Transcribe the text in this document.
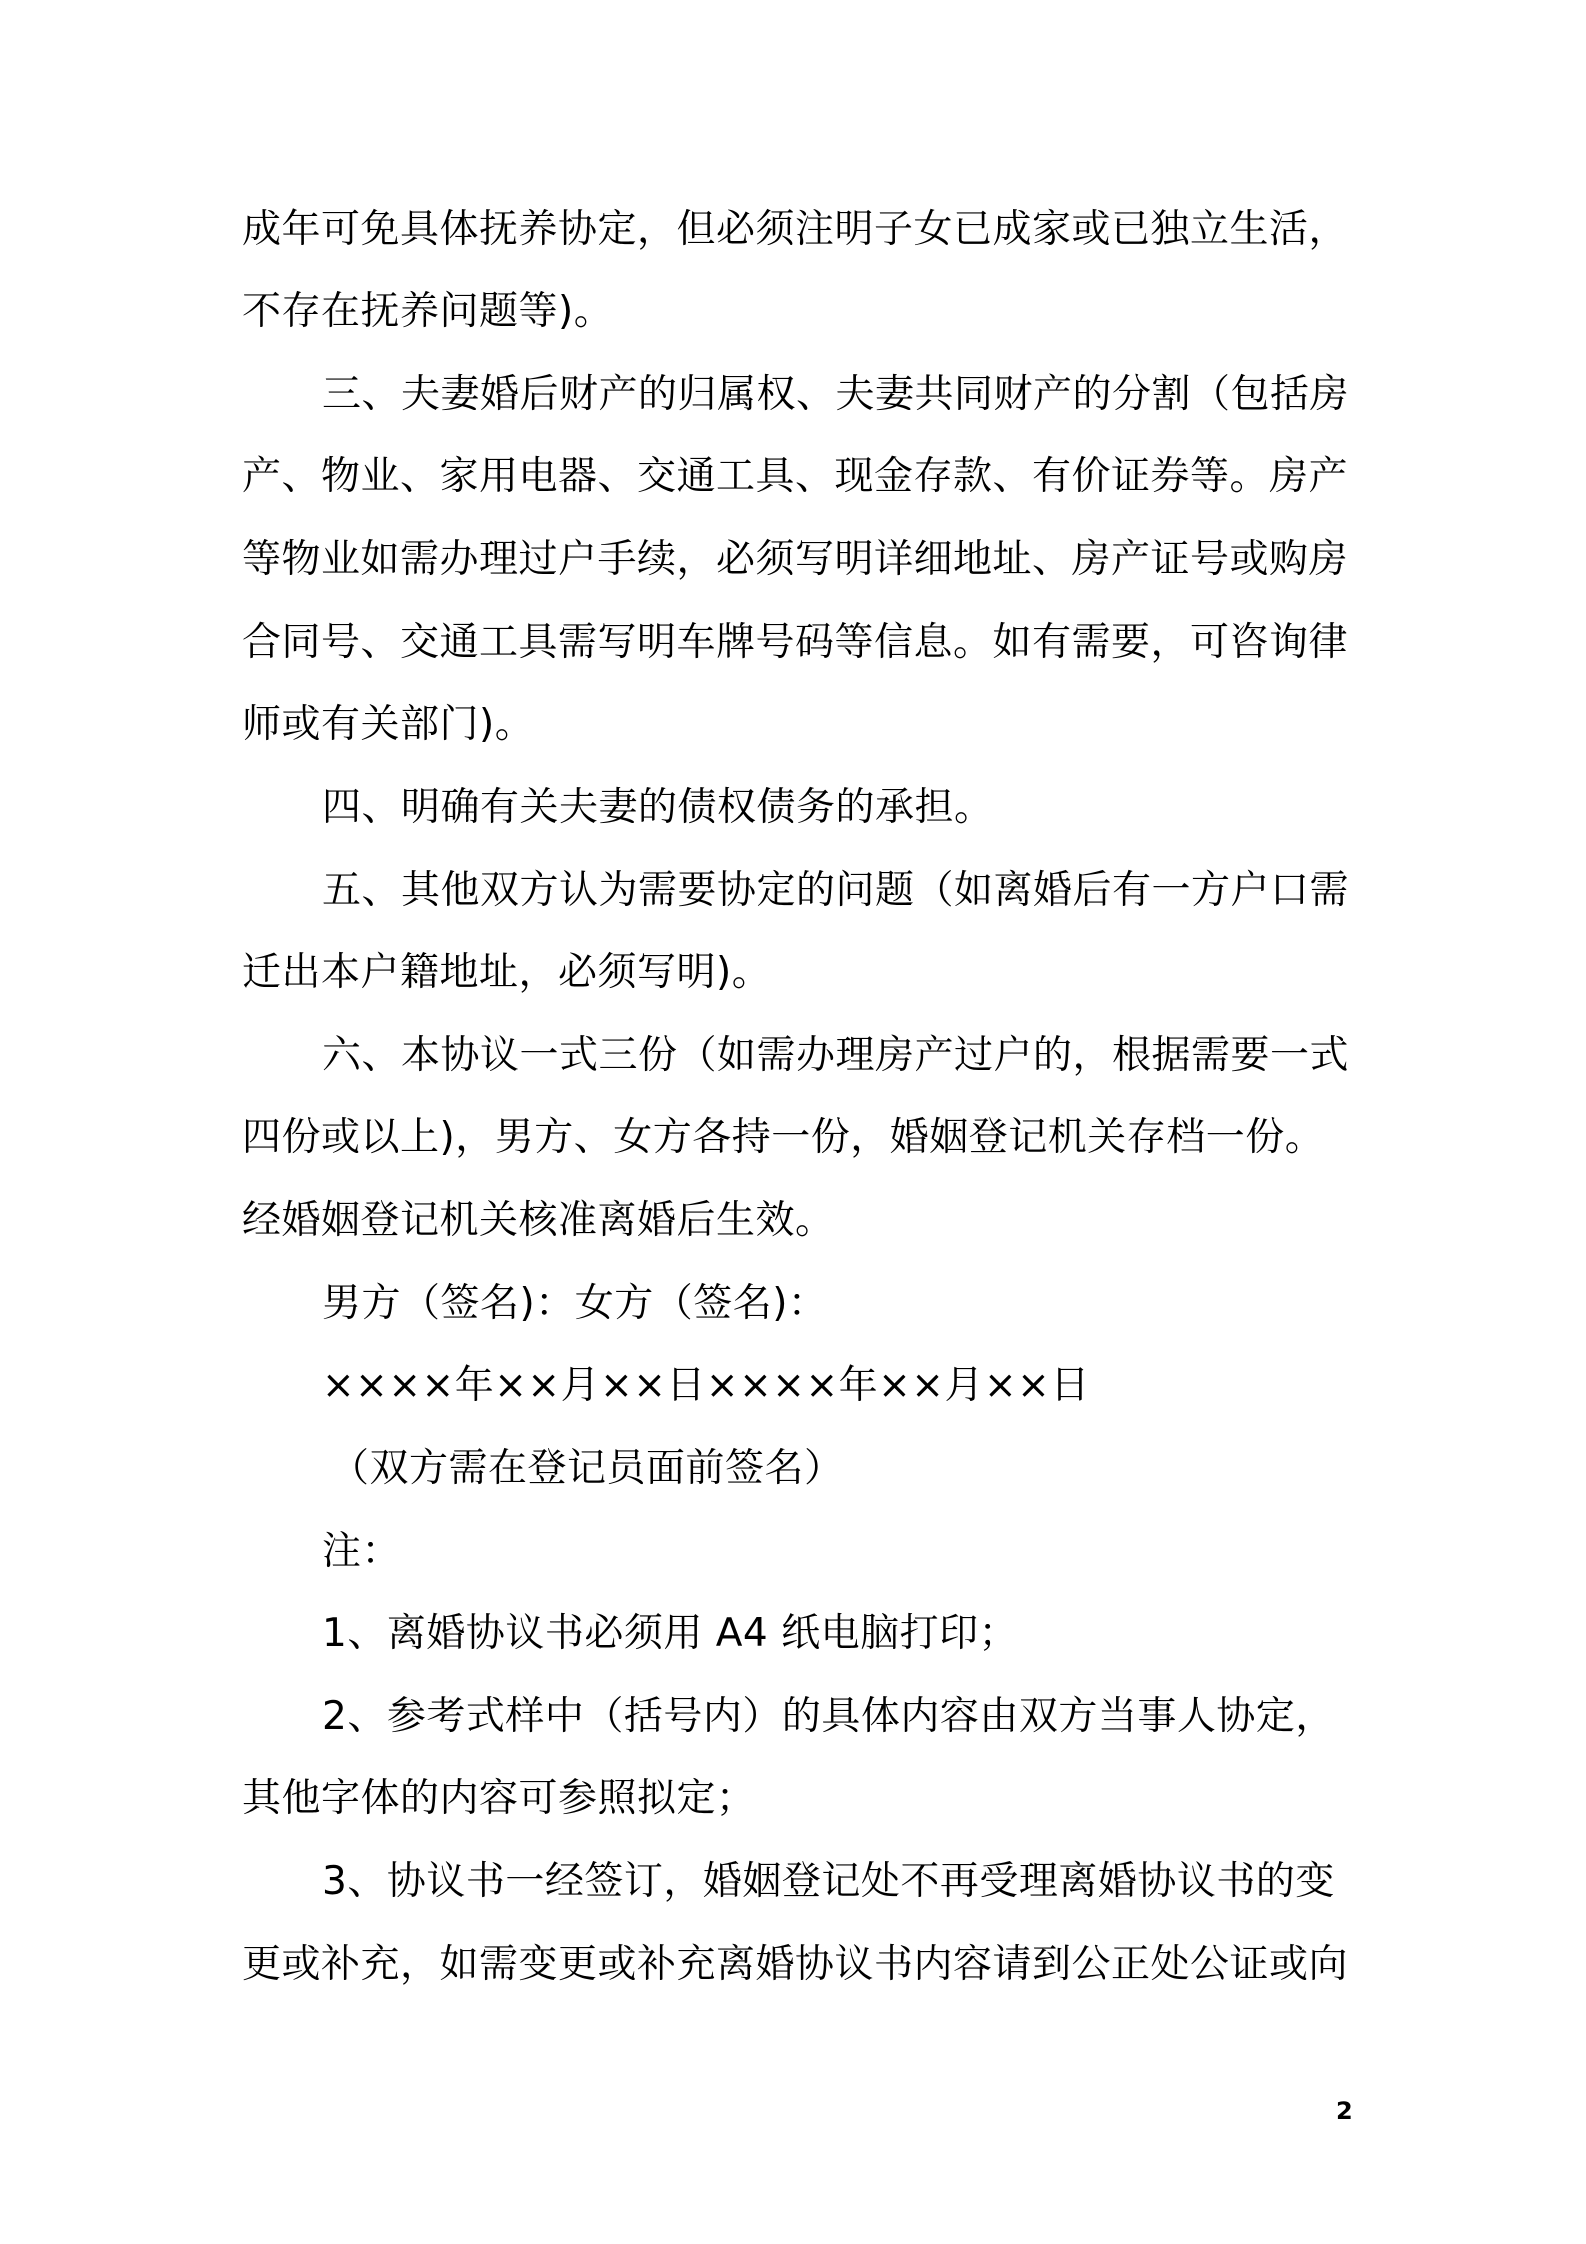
成年可免具体抚养协定，但必须注明子女已成家或已独立生活，
不存在抚养问题等)。
三、夫妻婚后财产的归属权、夫妻共同财产的分割（包括房
产、物业、家用电器、交通工具、现金存款、有价证券等。房产
等物业如需办理过户手续，必须写明详细地址、房产证号或购房
合同号、交通工具需写明车牌号码等信息。如有需要，可咨询律
师或有关部门)。
四、明确有关夫妻的债权债务的承担。
五、其他双方认为需要协定的问题（如离婚后有一方户口需
迁出本户籍地址，必须写明)。
六、本协议一式三份（如需办理房产过户的，根据需要一式
四份或以上)，男方、女方各持一份，婚姻登记机关存档一份。
经婚姻登记机关核准离婚后生效。
男方（签名)：女方（签名)：
××××年××月××日××××年××月××日
（双方需在登记员面前签名）
注：
1、离婚协议书必须用 A4 纸电脑打印；
2、参考式样中（括号内）的具体内容由双方当事人协定，
其他字体的内容可参照拟定；
3、协议书一经签订，婚姻登记处不再受理离婚协议书的变
更或补充，如需变更或补充离婚协议书内容请到公正处公证或向
2
